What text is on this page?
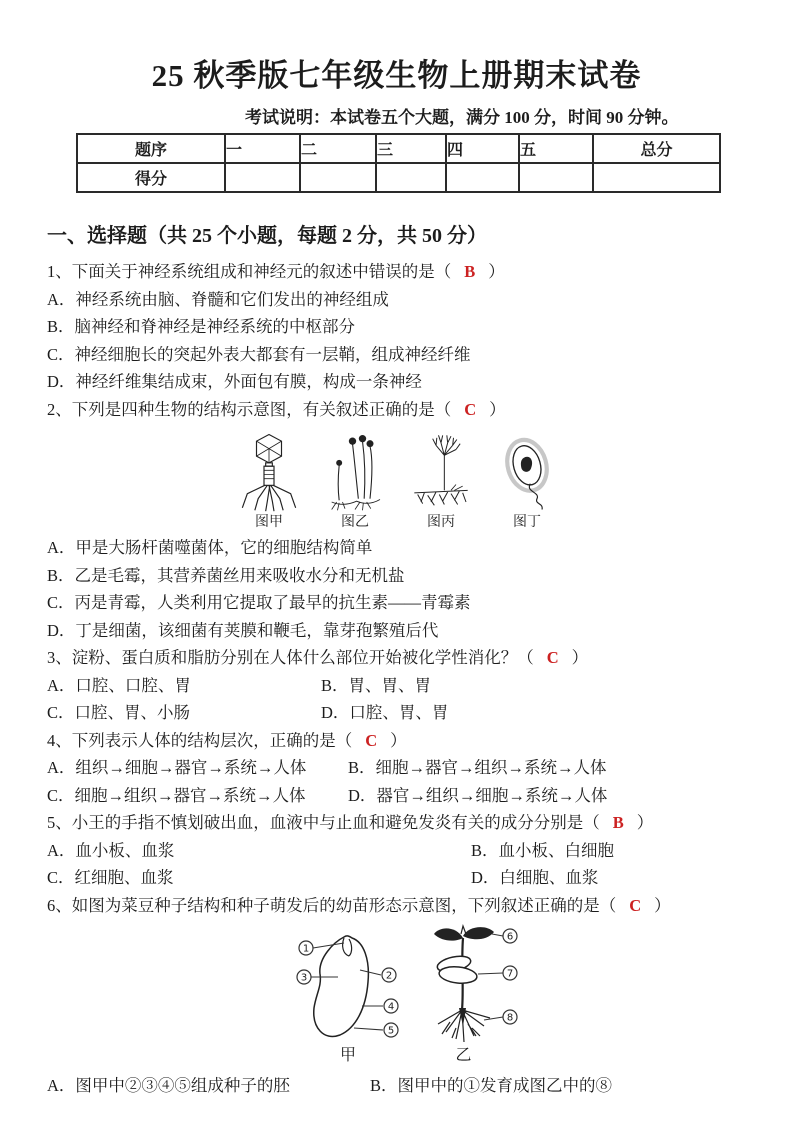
25 秋季版七年级生物上册期末试卷
考试说明：本试卷五个大题，满分 100 分，时间 90 分钟。
题序	一	二	三	四	五	总分
得分						
一、选择题（共 25 个小题，每题 2 分，共 50 分）
1、下面关于神经系统组成和神经元的叙述中错误的是（ B ）
A．神经系统由脑、脊髓和它们发出的神经组成
B．脑神经和脊神经是神经系统的中枢部分
C．神经细胞长的突起外表大都套有一层鞘，组成神经纤维
D．神经纤维集结成束，外面包有膜，构成一条神经
2、下列是四种生物的结构示意图，有关叙述正确的是（ C ）
图甲	图乙	图丙	图丁
A．甲是大肠杆菌噬菌体，它的细胞结构简单
B．乙是毛霉，其营养菌丝用来吸收水分和无机盐
C．丙是青霉，人类利用它提取了最早的抗生素——青霉素
D．丁是细菌，该细菌有荚膜和鞭毛，靠芽孢繁殖后代
3、淀粉、蛋白质和脂肪分别在人体什么部位开始被化学性消化？（ C ）
A．口腔、口腔、胃	B．胃、胃、胃
C．口腔、胃、小肠	D．口腔、胃、胃
4、下列表示人体的结构层次，正确的是（ C ）
A．组织→细胞→器官→系统→人体	B．细胞→器官→组织→系统→人体
C．细胞→组织→器官→系统→人体	D．器官→组织→细胞→系统→人体
5、小王的手指不慎划破出血，血液中与止血和避免发炎有关的成分分别是（ B ）
A．血小板、血浆	B．血小板、白细胞
C．红细胞、血浆	D．白细胞、血浆
6、如图为菜豆种子结构和种子萌发后的幼苗形态示意图，下列叙述正确的是（ C ）
1
3	2
4
5
甲
6
7
8
乙
A．图甲中②③④⑤组成种子的胚	B．图甲中的①发育成图乙中的⑧
